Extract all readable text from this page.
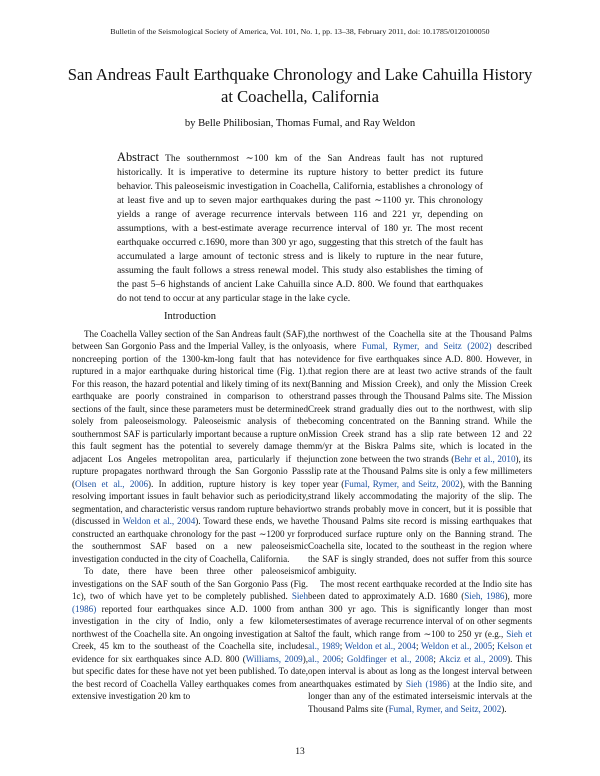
Bulletin of the Seismological Society of America, Vol. 101, No. 1, pp. 13–38, February 2011, doi: 10.1785/0120100050
San Andreas Fault Earthquake Chronology and Lake Cahuilla History at Coachella, California
by Belle Philibosian, Thomas Fumal, and Ray Weldon
Abstract The southernmost ∼100 km of the San Andreas fault has not ruptured historically. It is imperative to determine its rupture history to better predict its future behavior. This paleoseismic investigation in Coachella, California, establishes a chronology of at least five and up to seven major earthquakes during the past ∼1100 yr. This chronology yields a range of average recurrence intervals between 116 and 221 yr, depending on assumptions, with a best-estimate average recurrence interval of 180 yr. The most recent earthquake occurred c.1690, more than 300 yr ago, suggesting that this stretch of the fault has accumulated a large amount of tectonic stress and is likely to rupture in the near future, assuming the fault follows a stress renewal model. This study also establishes the timing of the past 5–6 highstands of ancient Lake Cahuilla since A.D. 800. We found that earthquakes do not tend to occur at any particular stage in the lake cycle.
Introduction

The Coachella Valley section of the San Andreas fault (SAF), between San Gorgonio Pass and the Imperial Valley, is the only noncreeping portion of the 1300-km-long fault that has not ruptured in a major earthquake during historical time (Fig. 1). For this reason, the hazard potential and likely timing of its next earthquake are poorly constrained in comparison to other sections of the fault, since these parameters must be determined solely from paleoseismology. Paleoseismic analysis of the southernmost SAF is particularly important because a rupture on this fault segment has the potential to severely damage the adjacent Los Angeles metropolitan area, particularly if the rupture propagates northward through the San Gorgonio Pass (Olsen et al., 2006). In addition, rupture history is key to resolving important issues in fault behavior such as periodicity, segmentation, and characteristic versus random rupture behavior (discussed in Weldon et al., 2004). Toward these ends, we have constructed an earthquake chronology for the past ∼1200 yr for the southernmost SAF based on a new paleoseismic investigation conducted in the city of Coachella, California.

To date, there have been three other paleoseismic investigations on the SAF south of the San Gorgonio Pass (Fig. 1c), two of which have yet to be completely published. Sieh (1986) reported four earthquakes since A.D. 1000 from an investigation in the city of Indio, only a few kilometers northwest of the Coachella site. An ongoing investigation at Salt Creek, 45 km to the southeast of the Coachella site, includes evidence for six earthquakes since A.D. 800 (Williams, 2009), but specific dates for these have not yet been published. To date, the best record of Coachella Valley earthquakes comes from an extensive investigation 20 km to

the northwest of the Coachella site at the Thousand Palms oasis, where Fumal, Rymer, and Seitz (2002) described evidence for five earthquakes since A.D. 800. However, in that region there are at least two active strands of the fault (Banning and Mission Creek), and only the Mission Creek strand passes through the Thousand Palms site. The Mission Creek strand gradually dies out to the northwest, with slip becoming concentrated on the Banning strand. While the Mission Creek strand has a slip rate between 12 and 22 mm/yr at the Biskra Palms site, which is located in the junction zone between the two strands (Behr et al., 2010), its slip rate at the Thousand Palms site is only a few millimeters per year (Fumal, Rymer, and Seitz, 2002), with the Banning strand likely accommodating the majority of the slip. The two strands probably move in concert, but it is possible that the Thousand Palms site record is missing earthquakes that produced surface rupture only on the Banning strand. The Coachella site, located to the southeast in the region where the SAF is singly stranded, does not suffer from this source of ambiguity.

The most recent earthquake recorded at the Indio site has been dated to approximately A.D. 1680 (Sieh, 1986), more than 300 yr ago. This is significantly longer than most estimates of average recurrence interval of on other segments of the fault, which range from ∼100 to 250 yr (e.g., Sieh et al., 1989; Weldon et al., 2004; Weldon et al., 2005; Kelson et al., 2006; Goldfinger et al., 2008; Akciz et al., 2009). This open interval is about as long as the longest interval between earthquakes estimated by Sieh (1986) at the Indio site, and longer than any of the estimated interseismic intervals at the Thousand Palms site (Fumal, Rymer, and Seitz, 2002).

13
